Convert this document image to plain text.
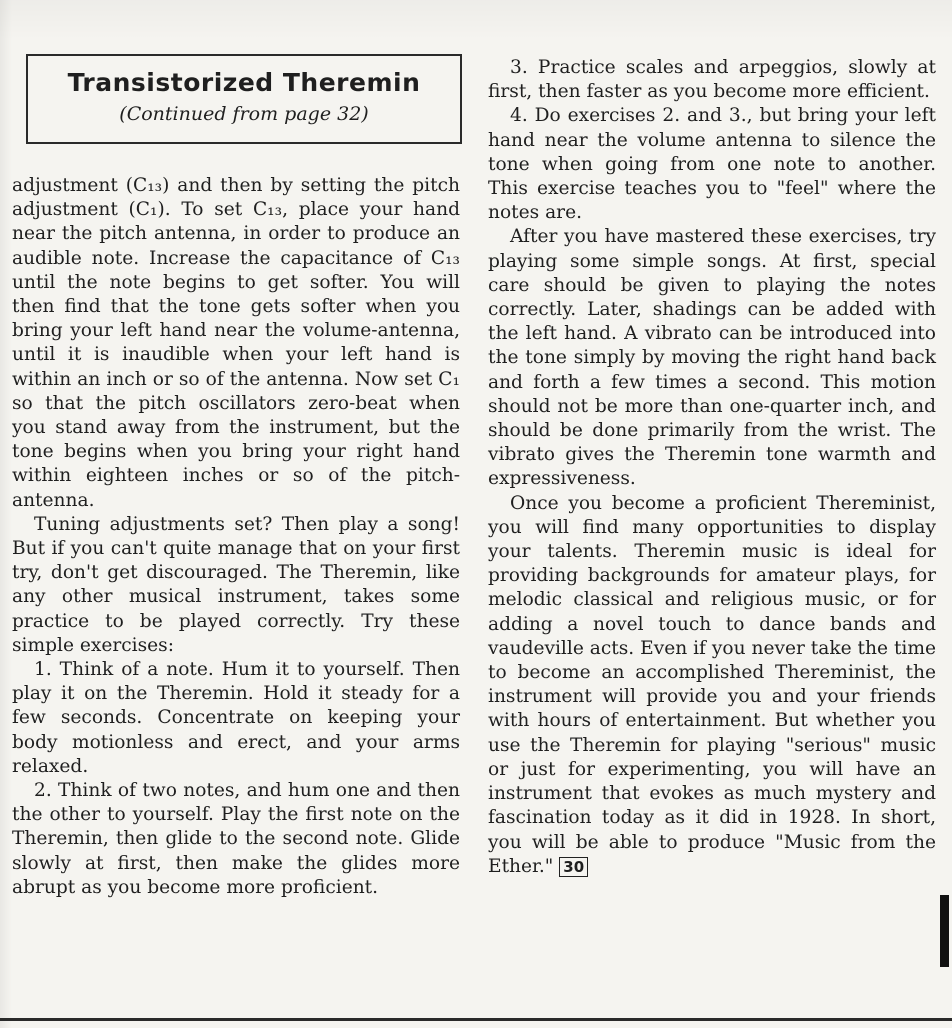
Transistorized Theremin
(Continued from page 32)

adjustment (C₁₃) and then by setting the pitch adjustment (C₁). To set C₁₃, place your hand near the pitch antenna, in order to produce an audible note. Increase the capacitance of C₁₃ until the note begins to get softer. You will then find that the tone gets softer when you bring your left hand near the volume-antenna, until it is inaudible when your left hand is within an inch or so of the antenna. Now set C₁ so that the pitch oscillators zero-beat when you stand away from the instrument, but the tone begins when you bring your right hand within eighteen inches or so of the pitch-antenna.

Tuning adjustments set? Then play a song! But if you can't quite manage that on your first try, don't get discouraged. The Theremin, like any other musical instrument, takes some practice to be played correctly. Try these simple exercises:

1. Think of a note. Hum it to yourself. Then play it on the Theremin. Hold it steady for a few seconds. Concentrate on keeping your body motionless and erect, and your arms relaxed.

2. Think of two notes, and hum one and then the other to yourself. Play the first note on the Theremin, then glide to the second note. Glide slowly at first, then make the glides more abrupt as you become more proficient.

3. Practice scales and arpeggios, slowly at first, then faster as you become more efficient.

4. Do exercises 2. and 3., but bring your left hand near the volume antenna to silence the tone when going from one note to another. This exercise teaches you to "feel" where the notes are.

After you have mastered these exercises, try playing some simple songs. At first, special care should be given to playing the notes correctly. Later, shadings can be added with the left hand. A vibrato can be introduced into the tone simply by moving the right hand back and forth a few times a second. This motion should not be more than one-quarter inch, and should be done primarily from the wrist. The vibrato gives the Theremin tone warmth and expressiveness.

Once you become a proficient Thereminist, you will find many opportunities to display your talents. Theremin music is ideal for providing backgrounds for amateur plays, for melodic classical and religious music, or for adding a novel touch to dance bands and vaudeville acts. Even if you never take the time to become an accomplished Thereminist, the instrument will provide you and your friends with hours of entertainment. But whether you use the Theremin for playing "serious" music or just for experimenting, you will have an instrument that evokes as much mystery and fascination today as it did in 1928. In short, you will be able to produce "Music from the Ether." 30
